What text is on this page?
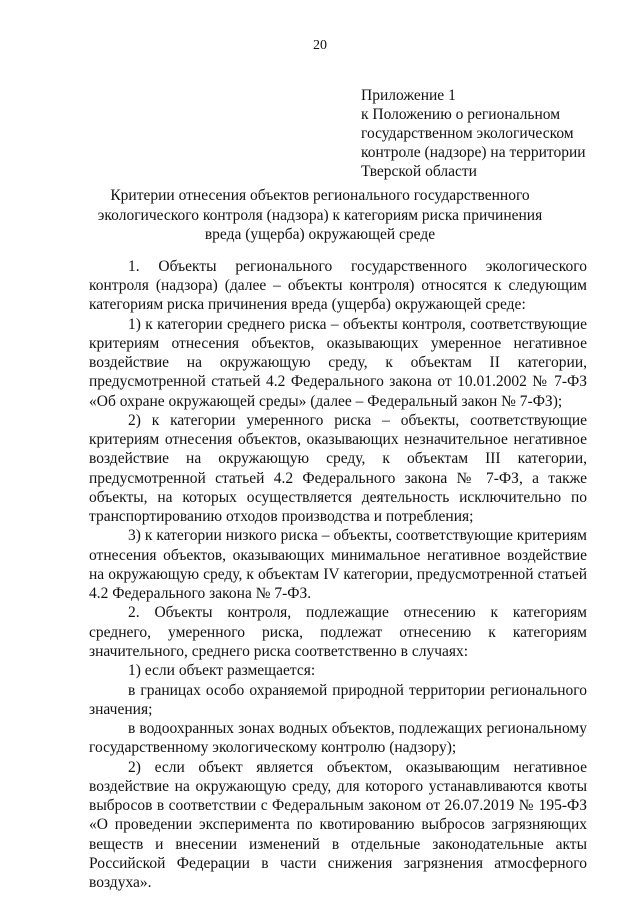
20
Приложение 1
к Положению о региональном
государственном экологическом
контроле (надзоре) на территории
Тверской области
Критерии отнесения объектов регионального государственного
экологического контроля (надзора) к категориям риска причинения
вреда (ущерба) окружающей среде

1. Объекты регионального государственного экологического контроля (надзора) (далее – объекты контроля) относятся к следующим категориям риска причинения вреда (ущерба) окружающей среде:

1) к категории среднего риска – объекты контроля, соответствующие критериям отнесения объектов, оказывающих умеренное негативное воздействие на окружающую среду, к объектам II категории, предусмотренной статьей 4.2 Федерального закона от 10.01.2002 № 7-ФЗ «Об охране окружающей среды» (далее – Федеральный закон № 7-ФЗ);

2) к категории умеренного риска – объекты, соответствующие критериям отнесения объектов, оказывающих незначительное негативное воздействие на окружающую среду, к объектам III категории, предусмотренной статьей 4.2 Федерального закона № 7-ФЗ, а также объекты, на которых осуществляется деятельность исключительно по транспортированию отходов производства и потребления;

3) к категории низкого риска – объекты, соответствующие критериям отнесения объектов, оказывающих минимальное негативное воздействие на окружающую среду, к объектам IV категории, предусмотренной статьей 4.2 Федерального закона № 7-ФЗ.

2. Объекты контроля, подлежащие отнесению к категориям среднего, умеренного риска, подлежат отнесению к категориям значительного, среднего риска соответственно в случаях:

1) если объект размещается:

в границах особо охраняемой природной территории регионального значения;

в водоохранных зонах водных объектов, подлежащих региональному государственному экологическому контролю (надзору);

2) если объект является объектом, оказывающим негативное воздействие на окружающую среду, для которого устанавливаются квоты выбросов в соответствии с Федеральным законом от 26.07.2019 № 195-ФЗ «О проведении эксперимента по квотированию выбросов загрязняющих веществ и внесении изменений в отдельные законодательные акты Российской Федерации в части снижения загрязнения атмосферного воздуха».
